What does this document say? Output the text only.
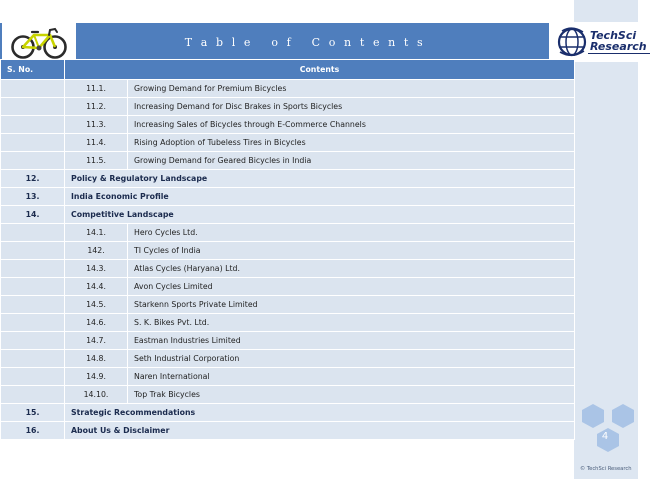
T a b l e   o f   C o n t e n t s
TechSci
Research
S. No.	Contents	
	11.1.	Growing Demand for Premium Bicycles
	11.2.	Increasing Demand for Disc Brakes in Sports Bicycles
	11.3.	Increasing Sales of Bicycles through E-Commerce Channels
	11.4.	Rising Adoption of Tubeless Tires in Bicycles
	11.5.	Growing Demand for Geared Bicycles in India
12.	Policy & Regulatory Landscape	
13.	India Economic Profile	
14.	Competitive Landscape	
	14.1.	Hero Cycles Ltd.
	142.	TI Cycles of India
	14.3.	Atlas Cycles (Haryana) Ltd.
	14.4.	Avon Cycles Limited
	14.5.	Starkenn Sports Private Limited
	14.6.	S. K. Bikes Pvt. Ltd.
	14.7.	Eastman Industries Limited
	14.8.	Seth Industrial Corporation
	14.9.	Naren International
	14.10.	Top Trak Bicycles
15.	Strategic Recommendations	
16.	About Us & Disclaimer	
4
© TechSci Research
